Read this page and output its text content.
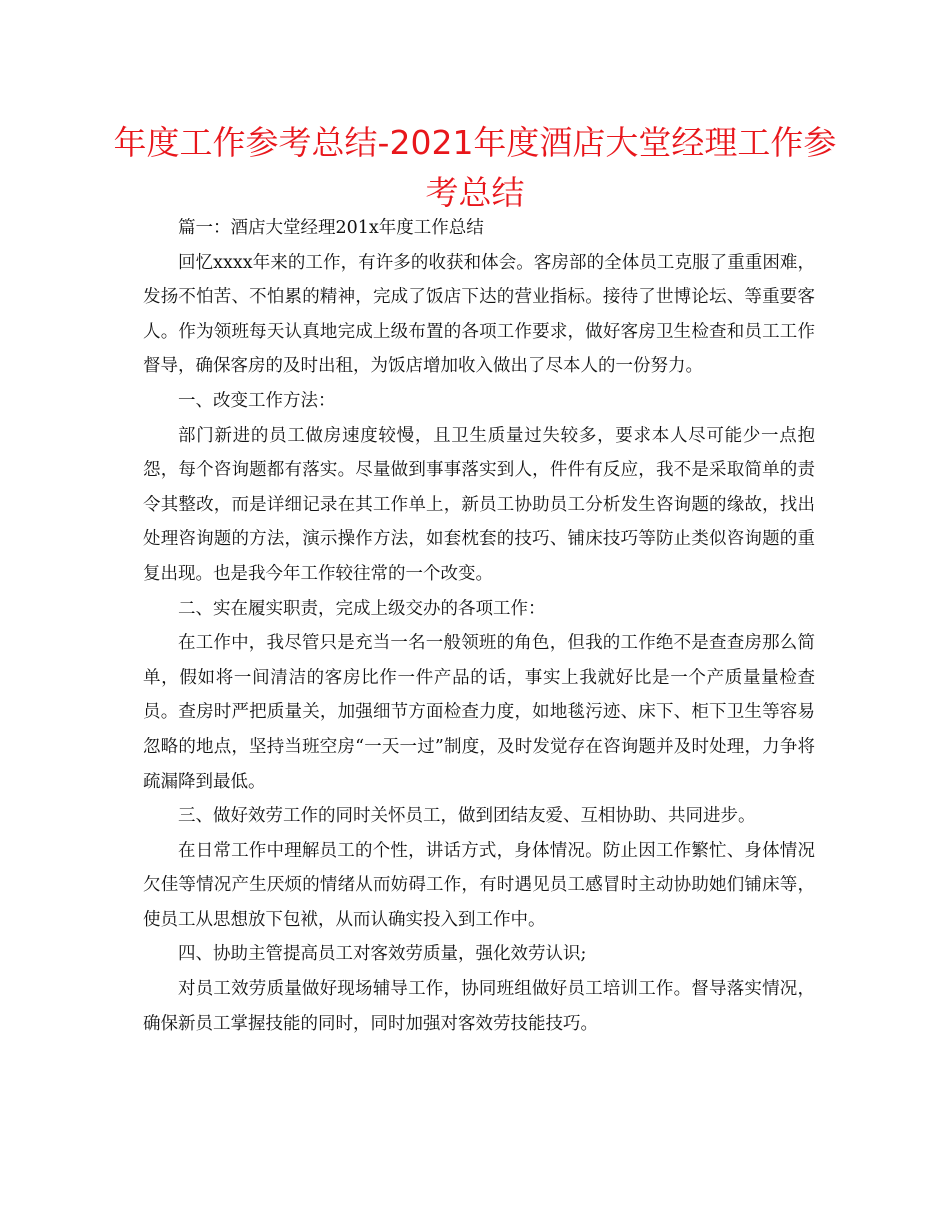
年度工作参考总结-2021年度酒店大堂经理工作参考总结

篇一：酒店大堂经理201x年度工作总结

回忆xxxx年来的工作，有许多的收获和体会。客房部的全体员工克服了重重困难，发扬不怕苦、不怕累的精神，完成了饭店下达的营业指标。接待了世博论坛、等重要客人。作为领班每天认真地完成上级布置的各项工作要求，做好客房卫生检查和员工工作督导，确保客房的及时出租，为饭店增加收入做出了尽本人的一份努力。

一、改变工作方法：

部门新进的员工做房速度较慢，且卫生质量过失较多，要求本人尽可能少一点抱怨，每个咨询题都有落实。尽量做到事事落实到人，件件有反应，我不是采取简单的责令其整改，而是详细记录在其工作单上，新员工协助员工分析发生咨询题的缘故，找出处理咨询题的方法，演示操作方法，如套枕套的技巧、铺床技巧等防止类似咨询题的重复出现。也是我今年工作较往常的一个改变。

二、实在履实职责，完成上级交办的各项工作：

在工作中，我尽管只是充当一名一般领班的角色，但我的工作绝不是查查房那么简单，假如将一间清洁的客房比作一件产品的话，事实上我就好比是一个产质量量检查员。查房时严把质量关，加强细节方面检查力度，如地毯污迹、床下、柜下卫生等容易忽略的地点，坚持当班空房“一天一过”制度，及时发觉存在咨询题并及时处理，力争将疏漏降到最低。

三、做好效劳工作的同时关怀员工，做到团结友爱、互相协助、共同进步。

在日常工作中理解员工的个性，讲话方式，身体情况。防止因工作繁忙、身体情况欠佳等情况产生厌烦的情绪从而妨碍工作，有时遇见员工感冒时主动协助她们铺床等，使员工从思想放下包袱，从而认确实投入到工作中。

四、协助主管提高员工对客效劳质量，强化效劳认识;

对员工效劳质量做好现场辅导工作，协同班组做好员工培训工作。督导落实情况，确保新员工掌握技能的同时，同时加强对客效劳技能技巧。
